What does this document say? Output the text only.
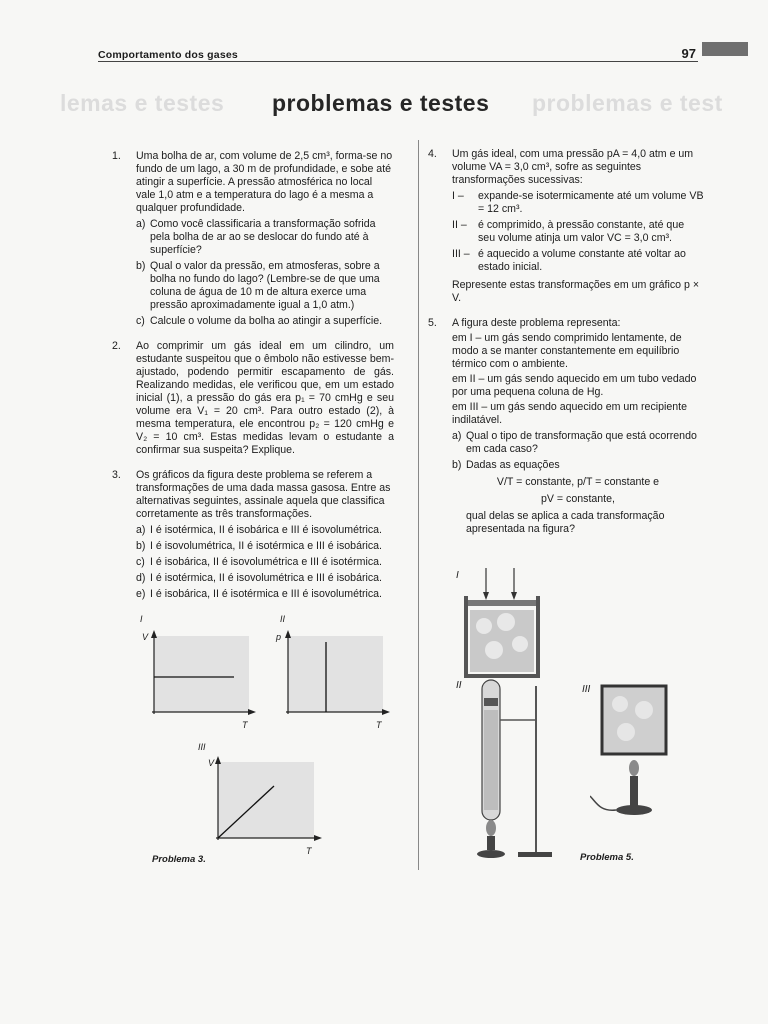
Comportamento dos gases	97
lemas e testes problemas e testes problemas e test
1. Uma bolha de ar, com volume de 2,5 cm³, forma-se no fundo de um lago, a 30 m de profundidade, e sobe até atingir a superfície. A pressão atmosférica no local vale 1,0 atm e a temperatura do lago é a mesma a qualquer profundidade.
a) Como você classificaria a transformação sofrida pela bolha de ar ao se deslocar do fundo até à superfície?
b) Qual o valor da pressão, em atmosferas, sobre a bolha no fundo do lago? (Lembre-se de que uma coluna de água de 10 m de altura exerce uma pressão aproximadamente igual a 1,0 atm.)
c) Calcule o volume da bolha ao atingir a superfície.
2. Ao comprimir um gás ideal em um cilindro, um estudante suspeitou que o êmbolo não estivesse bem-ajustado, podendo permitir escapamento de gás. Realizando medidas, ele verificou que, em um estado inicial (1), a pressão do gás era p₁ = 70 cmHg e seu volume era V₁ = 20 cm³. Para outro estado (2), à mesma temperatura, ele encontrou p₂ = 120 cmHg e V₂ = 10 cm³. Estas medidas levam o estudante a confirmar sua suspeita? Explique.
3. Os gráficos da figura deste problema se referem a transformações de uma dada massa gasosa. Entre as alternativas seguintes, assinale aquela que classifica corretamente as três transformações.
a) I é isotérmica, II é isobárica e III é isovolumétrica.
b) I é isovolumétrica, II é isotérmica e III é isobárica.
c) I é isobárica, II é isovolumétrica e III é isotérmica.
d) I é isotérmica, II é isovolumétrica e III é isobárica.
e) I é isobárica, II é isotérmica e III é isovolumétrica.
I
V
T
II
p
T
III
V
T
Problema 3.
4. Um gás ideal, com uma pressão pA = 4,0 atm e um volume VA = 3,0 cm³, sofre as seguintes transformações sucessivas:
I – expande-se isotermicamente até um volume VB = 12 cm³.
II – é comprimido, à pressão constante, até que seu volume atinja um valor VC = 3,0 cm³.
III – é aquecido a volume constante até voltar ao estado inicial.
Represente estas transformações em um gráfico p × V.
5. A figura deste problema representa:
em I – um gás sendo comprimido lentamente, de modo a se manter constantemente em equilíbrio térmico com o ambiente.
em II – um gás sendo aquecido em um tubo vedado por uma pequena coluna de Hg.
em III – um gás sendo aquecido em um recipiente indilatável.
a) Qual o tipo de transformação que está ocorrendo em cada caso?
b) Dadas as equações
V/T = constante, p/T = constante e
pV = constante,
qual delas se aplica a cada transformação apresentada na figura?
I
II	III
Problema 5.
